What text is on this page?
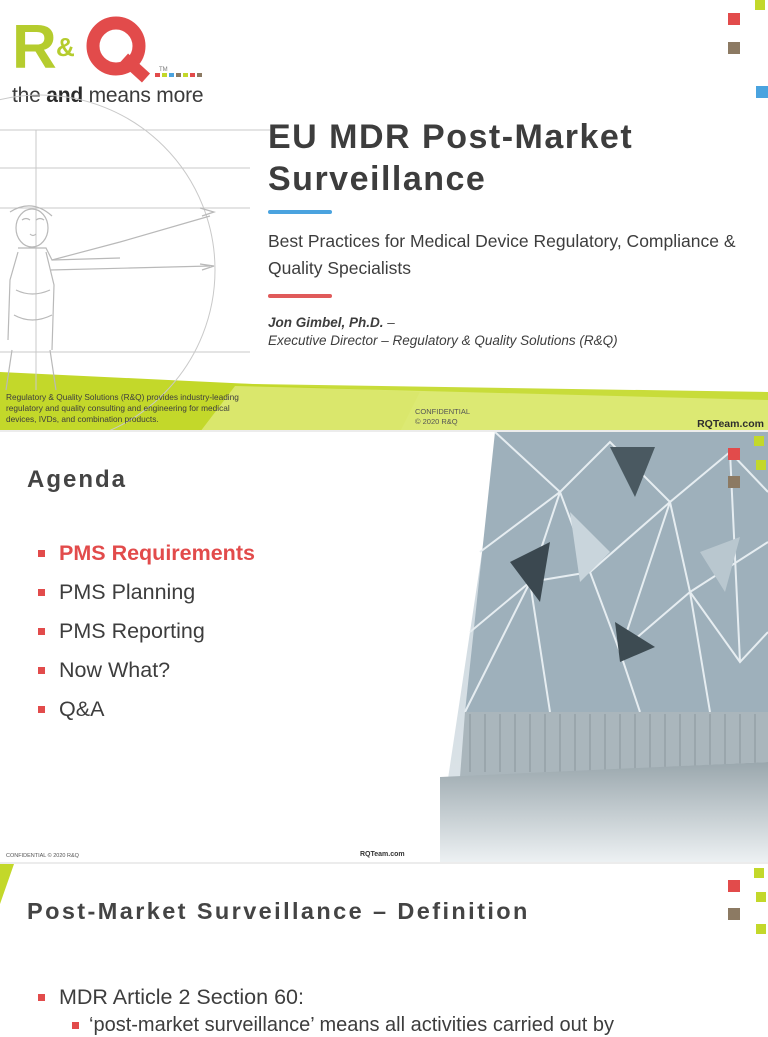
R &
TM
the and means more
EU MDR Post-Market Surveillance
Best Practices for Medical Device Regulatory, Compliance & Quality Specialists
Jon Gimbel, Ph.D. –
Executive Director – Regulatory & Quality Solutions (R&Q)
Regulatory & Quality Solutions (R&Q) provides industry-leading regulatory and quality consulting and engineering for medical devices, IVDs, and combination products.
CONFIDENTIAL
© 2020 R&Q	RQTeam.com
Agenda
PMS Requirements
PMS Planning
PMS Reporting
Now What?
Q&A
CONFIDENTIAL © 2020 R&Q	RQTeam.com
Post-Market Surveillance – Definition
MDR Article 2 Section 60:
‘post-market surveillance’ means all activities carried out by
